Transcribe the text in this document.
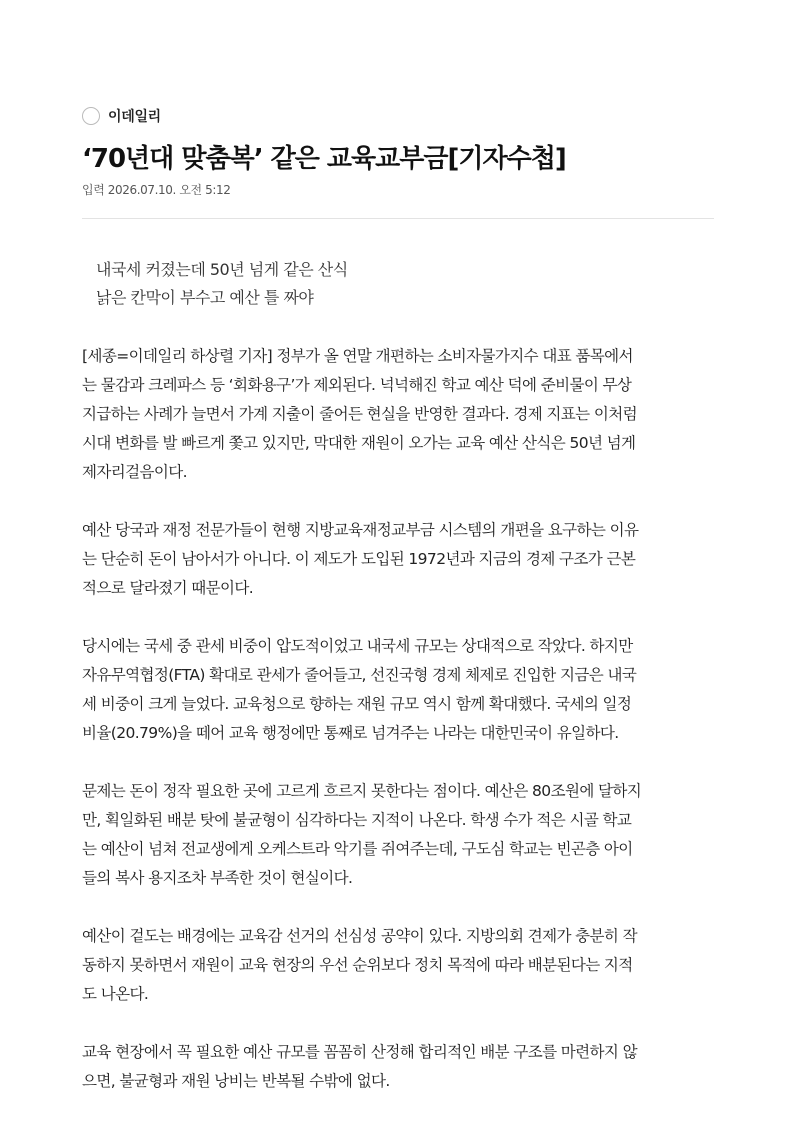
이데일리
‘70년대 맞춤복’ 같은 교육교부금[기자수첩]
입력 2026.07.10. 오전 5:12
내국세 커졌는데 50년 넘게 같은 산식
낡은 칸막이 부수고 예산 틀 짜야

[세종=이데일리 하상렬 기자] 정부가 올 연말 개편하는 소비자물가지수 대표 품목에서
는 물감과 크레파스 등 ‘회화용구’가 제외된다. 넉넉해진 학교 예산 덕에 준비물이 무상
지급하는 사례가 늘면서 가계 지출이 줄어든 현실을 반영한 결과다. 경제 지표는 이처럼
시대 변화를 발 빠르게 쫓고 있지만, 막대한 재원이 오가는 교육 예산 산식은 50년 넘게
제자리걸음이다.

예산 당국과 재정 전문가들이 현행 지방교육재정교부금 시스템의 개편을 요구하는 이유
는 단순히 돈이 남아서가 아니다. 이 제도가 도입된 1972년과 지금의 경제 구조가 근본
적으로 달라졌기 때문이다.

당시에는 국세 중 관세 비중이 압도적이었고 내국세 규모는 상대적으로 작았다. 하지만
자유무역협정(FTA) 확대로 관세가 줄어들고, 선진국형 경제 체제로 진입한 지금은 내국
세 비중이 크게 늘었다. 교육청으로 향하는 재원 규모 역시 함께 확대했다. 국세의 일정
비율(20.79%)을 떼어 교육 행정에만 통째로 넘겨주는 나라는 대한민국이 유일하다.

문제는 돈이 정작 필요한 곳에 고르게 흐르지 못한다는 점이다. 예산은 80조원에 달하지
만, 획일화된 배분 탓에 불균형이 심각하다는 지적이 나온다. 학생 수가 적은 시골 학교
는 예산이 넘쳐 전교생에게 오케스트라 악기를 쥐여주는데, 구도심 학교는 빈곤층 아이
들의 복사 용지조차 부족한 것이 현실이다.

예산이 겉도는 배경에는 교육감 선거의 선심성 공약이 있다. 지방의회 견제가 충분히 작
동하지 못하면서 재원이 교육 현장의 우선 순위보다 정치 목적에 따라 배분된다는 지적
도 나온다.

교육 현장에서 꼭 필요한 예산 규모를 꼼꼼히 산정해 합리적인 배분 구조를 마련하지 않
으면, 불균형과 재원 낭비는 반복될 수밖에 없다.
